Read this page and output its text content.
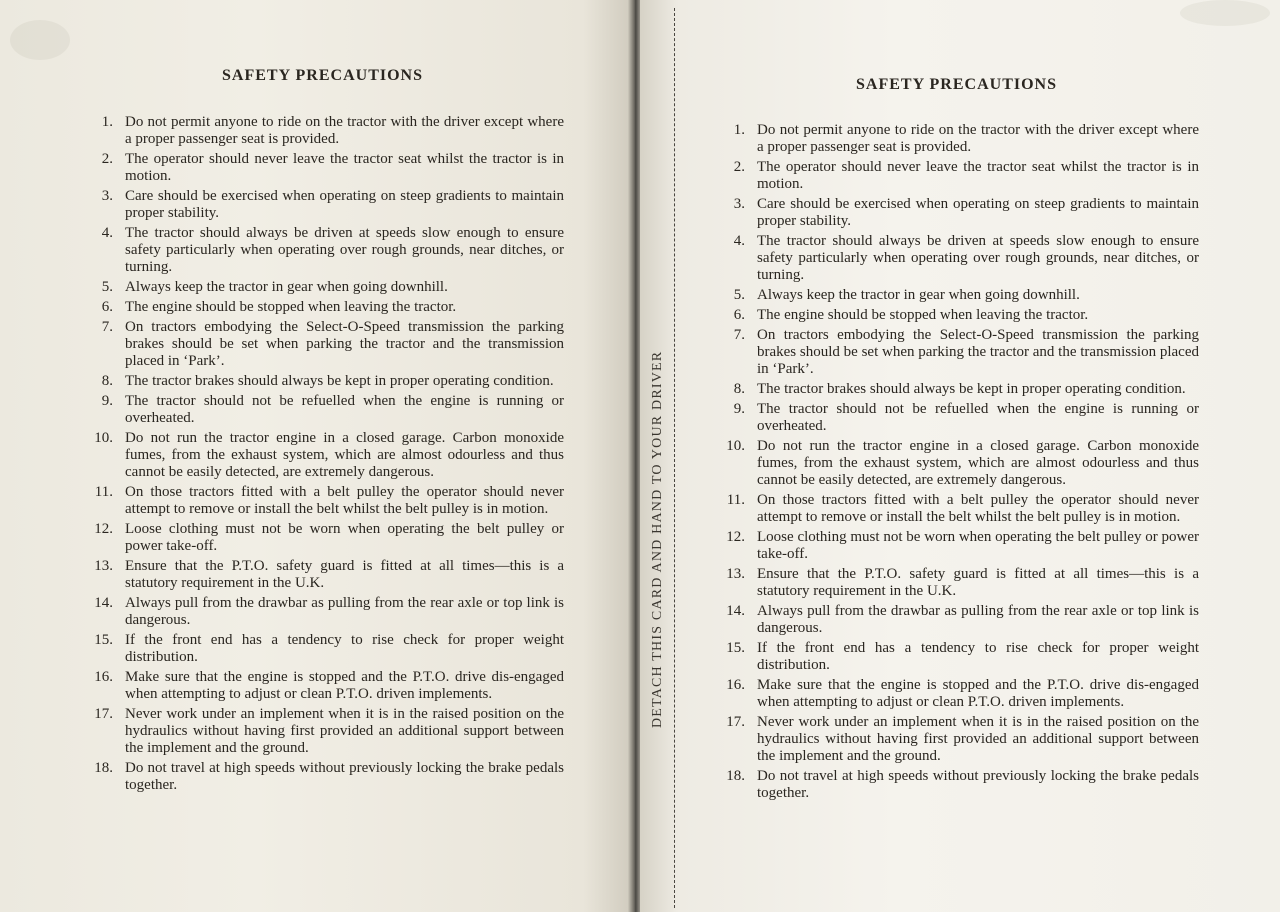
SAFETY PRECAUTIONS
1. Do not permit anyone to ride on the tractor with the driver except where a proper passenger seat is provided.
2. The operator should never leave the tractor seat whilst the tractor is in motion.
3. Care should be exercised when operating on steep gradients to maintain proper stability.
4. The tractor should always be driven at speeds slow enough to ensure safety particularly when operating over rough grounds, near ditches, or turning.
5. Always keep the tractor in gear when going downhill.
6. The engine should be stopped when leaving the tractor.
7. On tractors embodying the Select-O-Speed transmission the parking brakes should be set when parking the tractor and the transmission placed in ‘Park’.
8. The tractor brakes should always be kept in proper operating condition.
9. The tractor should not be refuelled when the engine is running or overheated.
10. Do not run the tractor engine in a closed garage. Carbon monoxide fumes, from the exhaust system, which are almost odourless and thus cannot be easily detected, are extremely dangerous.
11. On those tractors fitted with a belt pulley the operator should never attempt to remove or install the belt whilst the belt pulley is in motion.
12. Loose clothing must not be worn when operating the belt pulley or power take-off.
13. Ensure that the P.T.O. safety guard is fitted at all times—this is a statutory requirement in the U.K.
14. Always pull from the drawbar as pulling from the rear axle or top link is dangerous.
15. If the front end has a tendency to rise check for proper weight distribution.
16. Make sure that the engine is stopped and the P.T.O. drive dis-engaged when attempting to adjust or clean P.T.O. driven implements.
17. Never work under an implement when it is in the raised position on the hydraulics without having first provided an additional support between the implement and the ground.
18. Do not travel at high speeds without previously locking the brake pedals together.
DETACH THIS CARD AND HAND TO YOUR DRIVER
SAFETY PRECAUTIONS
1. Do not permit anyone to ride on the tractor with the driver except where a proper passenger seat is provided.
2. The operator should never leave the tractor seat whilst the tractor is in motion.
3. Care should be exercised when operating on steep gradients to maintain proper stability.
4. The tractor should always be driven at speeds slow enough to ensure safety particularly when operating over rough grounds, near ditches, or turning.
5. Always keep the tractor in gear when going downhill.
6. The engine should be stopped when leaving the tractor.
7. On tractors embodying the Select-O-Speed transmission the parking brakes should be set when parking the tractor and the transmission placed in ‘Park’.
8. The tractor brakes should always be kept in proper operating condition.
9. The tractor should not be refuelled when the engine is running or overheated.
10. Do not run the tractor engine in a closed garage. Carbon monoxide fumes, from the exhaust system, which are almost odourless and thus cannot be easily detected, are extremely dangerous.
11. On those tractors fitted with a belt pulley the operator should never attempt to remove or install the belt whilst the belt pulley is in motion.
12. Loose clothing must not be worn when operating the belt pulley or power take-off.
13. Ensure that the P.T.O. safety guard is fitted at all times—this is a statutory requirement in the U.K.
14. Always pull from the drawbar as pulling from the rear axle or top link is dangerous.
15. If the front end has a tendency to rise check for proper weight distribution.
16. Make sure that the engine is stopped and the P.T.O. drive dis-engaged when attempting to adjust or clean P.T.O. driven implements.
17. Never work under an implement when it is in the raised position on the hydraulics without having first provided an additional support between the implement and the ground.
18. Do not travel at high speeds without previously locking the brake pedals together.
